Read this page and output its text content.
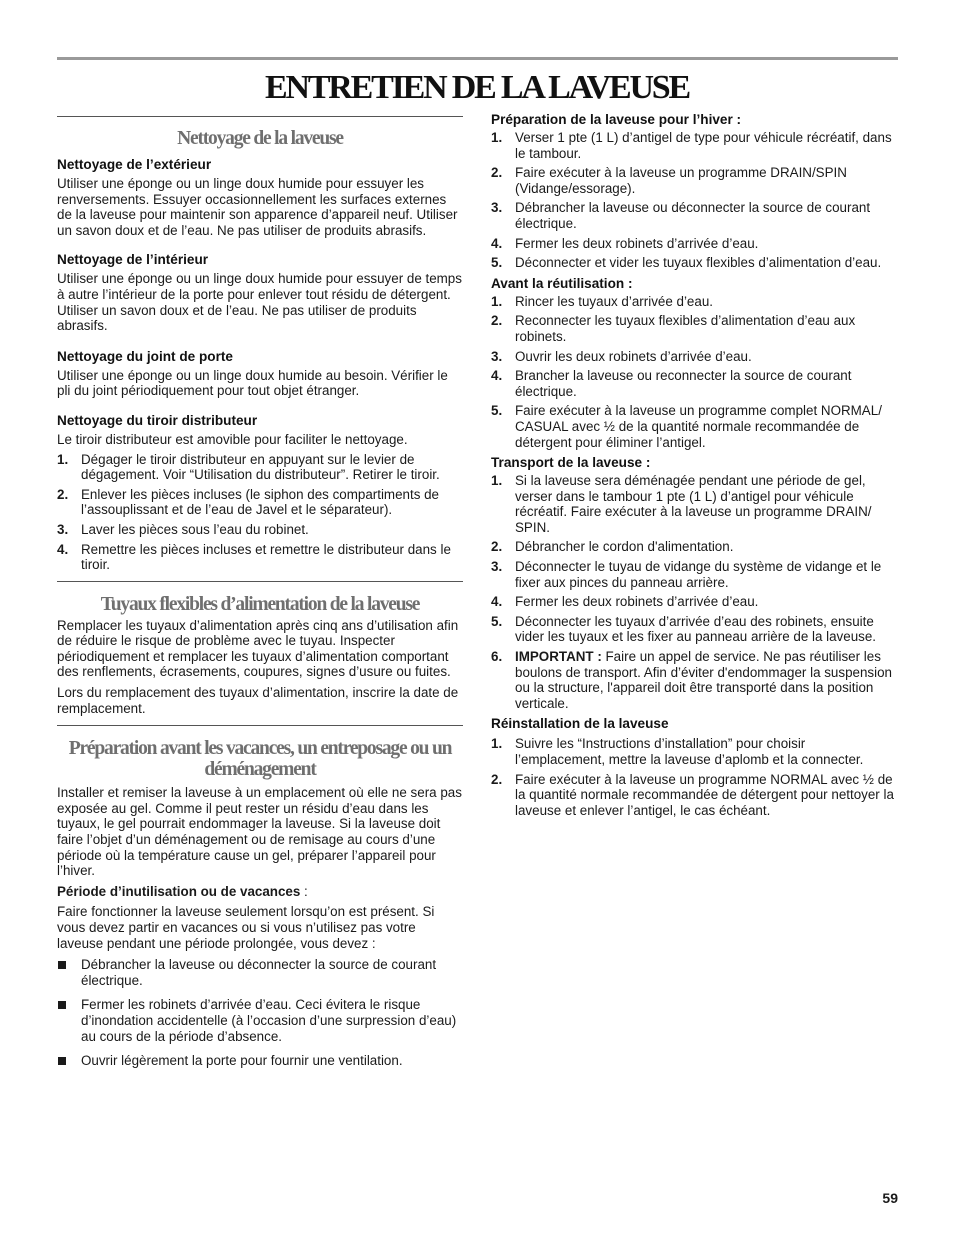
ENTRETIEN DE LA LAVEUSE
Nettoyage de la laveuse
Nettoyage de l’extérieur

Utiliser une éponge ou un linge doux humide pour essuyer les renversements. Essuyer occasionnellement les surfaces externes de la laveuse pour maintenir son apparence d’appareil neuf. Utiliser un savon doux et de l’eau. Ne pas utiliser de produits abrasifs.

Nettoyage de l’intérieur

Utiliser une éponge ou un linge doux humide pour essuyer de temps à autre l’intérieur de la porte pour enlever tout résidu de détergent. Utiliser un savon doux et de l’eau. Ne pas utiliser de produits abrasifs.

Nettoyage du joint de porte

Utiliser une éponge ou un linge doux humide au besoin. Vérifier le pli du joint périodiquement pour tout objet étranger.

Nettoyage du tiroir distributeur

Le tiroir distributeur est amovible pour faciliter le nettoyage.

1. Dégager le tiroir distributeur en appuyant sur le levier de dégagement. Voir “Utilisation du distributeur”. Retirer le tiroir.
2. Enlever les pièces incluses (le siphon des compartiments de l’assouplissant et de l’eau de Javel et le séparateur).
3. Laver les pièces sous l’eau du robinet.
4. Remettre les pièces incluses et remettre le distributeur dans le tiroir.
Tuyaux flexibles d’alimentation de la laveuse

Remplacer les tuyaux d’alimentation après cinq ans d’utilisation afin de réduire le risque de problème avec le tuyau. Inspecter périodiquement et remplacer les tuyaux d’alimentation comportant des renflements, écrasements, coupures, signes d’usure ou fuites.

Lors du remplacement des tuyaux d’alimentation, inscrire la date de remplacement.

Préparation avant les vacances, un entreposage ou un déménagement

Installer et remiser la laveuse à un emplacement où elle ne sera pas exposée au gel. Comme il peut rester un résidu d’eau dans les tuyaux, le gel pourrait endommager la laveuse. Si la laveuse doit faire l’objet d’un déménagement ou de remisage au cours d’une période où la température cause un gel, préparer l’appareil pour l’hiver.

Période d’inutilisation ou de vacances :

Faire fonctionner la laveuse seulement lorsqu’on est présent. Si vous devez partir en vacances ou si vous n’utilisez pas votre laveuse pendant une période prolongée, vous devez :

Débrancher la laveuse ou déconnecter la source de courant électrique.
Fermer les robinets d’arrivée d’eau. Ceci évitera le risque d’inondation accidentelle (à l’occasion d’une surpression d’eau) au cours de la période d’absence.
Ouvrir légèrement la porte pour fournir une ventilation.
Préparation de la laveuse pour l’hiver :
1. Verser 1 pte (1 L) d’antigel de type pour véhicule récréatif, dans le tambour.
2. Faire exécuter à la laveuse un programme DRAIN/SPIN (Vidange/essorage).
3. Débrancher la laveuse ou déconnecter la source de courant électrique.
4. Fermer les deux robinets d’arrivée d’eau.
5. Déconnecter et vider les tuyaux flexibles d’alimentation d’eau.
Avant la réutilisation :
1. Rincer les tuyaux d’arrivée d’eau.
2. Reconnecter les tuyaux flexibles d’alimentation d’eau aux robinets.
3. Ouvrir les deux robinets d’arrivée d’eau.
4. Brancher la laveuse ou reconnecter la source de courant électrique.
5. Faire exécuter à la laveuse un programme complet NORMAL/ CASUAL avec ½ de la quantité normale recommandée de détergent pour éliminer l’antigel.
Transport de la laveuse :
1. Si la laveuse sera déménagée pendant une période de gel, verser dans le tambour 1 pte (1 L) d’antigel pour véhicule récréatif. Faire exécuter à la laveuse un programme DRAIN/ SPIN.
2. Débrancher le cordon d'alimentation.
3. Déconnecter le tuyau de vidange du système de vidange et le fixer aux pinces du panneau arrière.
4. Fermer les deux robinets d’arrivée d’eau.
5. Déconnecter les tuyaux d’arrivée d’eau des robinets, ensuite vider les tuyaux et les fixer au panneau arrière de la laveuse.
6. IMPORTANT : Faire un appel de service. Ne pas réutiliser les boulons de transport. Afin d’éviter d'endommager la suspension ou la structure, l'appareil doit être transporté dans la position verticale.
Réinstallation de la laveuse
1. Suivre les “Instructions d’installation” pour choisir l’emplacement, mettre la laveuse d’aplomb et la connecter.
2. Faire exécuter à la laveuse un programme NORMAL avec ½ de la quantité normale recommandée de détergent pour nettoyer la laveuse et enlever l’antigel, le cas échéant.
59
